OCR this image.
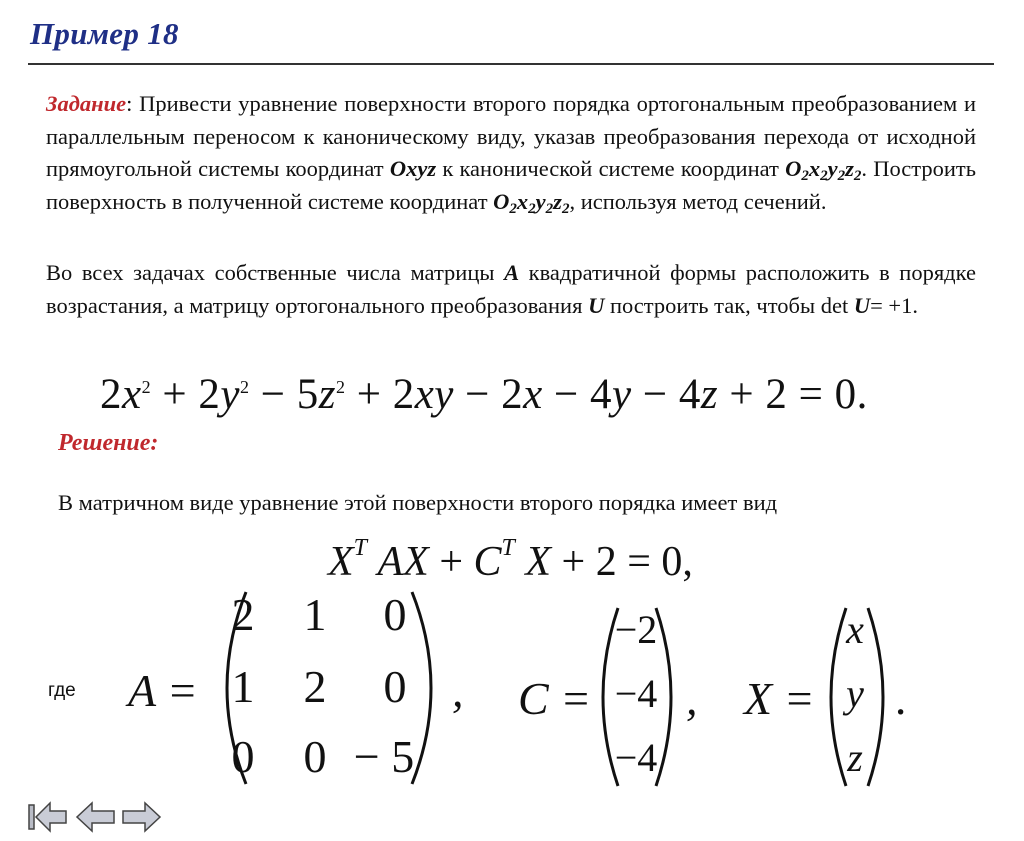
Пример 18
Задание: Привести уравнение поверхности второго порядка ортогональным преобразованием и параллельным переносом к каноническому виду, указав преобразования перехода от исходной прямоугольной системы координат Oxyz к канонической системе координат $O_2x_2y_2z_2$. Построить поверхность в полученной системе координат $O_2x_2y_2z_2$, используя метод сечений.
Во всех задачах собственные числа матрицы A квадратичной формы расположить в порядке возрастания, а матрицу ортогонального преобразования U построить так, чтобы det U= +1.
$2x^2 + 2y^2 - 5z^2 + 2xy - 2x - 4y - 4z + 2 = 0$.
Решение:
В матричном виде уравнение этой поверхности второго порядка имеет вид
$X^T$ AX + $C^T$ X + 2 = 0,
где A =
2 1 0
1 2 0
0 0 − 5
, C =
−2
−4
−4
, X =
x
y
z
.
